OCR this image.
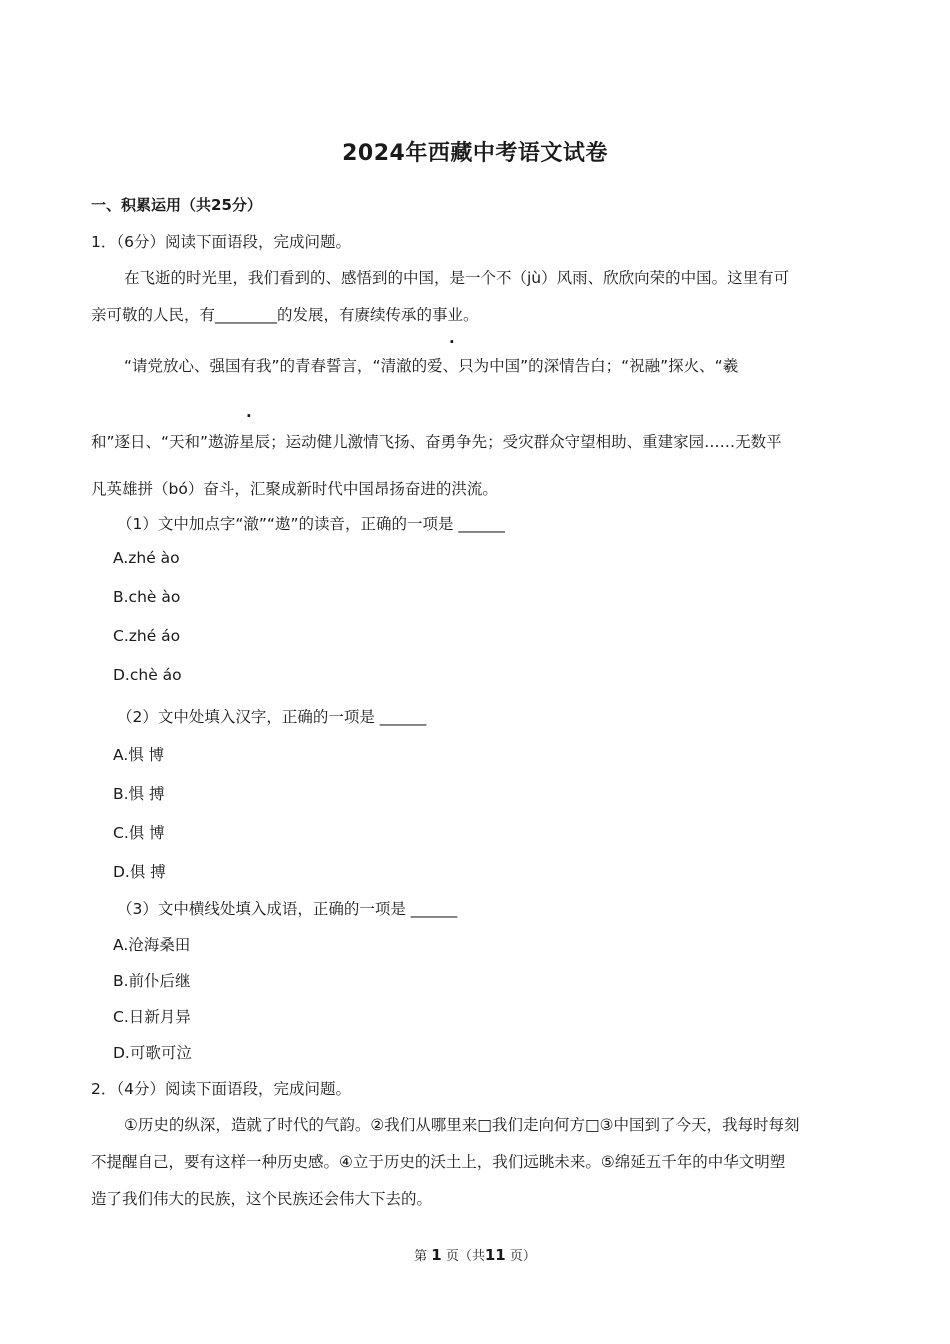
2024年西藏中考语文试卷
一、积累运用（共25分）
1．（6分）阅读下面语段，完成问题。
在飞逝的时光里，我们看到的、感悟到的中国，是一个不（jù）风雨、欣欣向荣的中国。这里有可
亲可敬的人民，有________的发展，有赓续传承的事业。
·
“请党放心、强国有我”的青春誓言，“清澈的爱、只为中国”的深情告白；“祝融”探火、“羲
·
和”逐日、“天和”遨游星辰；运动健儿激情飞扬、奋勇争先；受灾群众守望相助、重建家园……无数平
凡英雄拼（bó）奋斗，汇聚成新时代中国昂扬奋进的洪流。
（1）文中加点字“澈”“遨”的读音，正确的一项是 ______
A.zhé ào
B.chè ào
C.zhé áo
D.chè áo
（2）文中处填入汉字，正确的一项是 ______
A.惧 博
B.惧 搏
C.俱 博
D.俱 搏
（3）文中横线处填入成语，正确的一项是 ______
A.沧海桑田
B.前仆后继
C.日新月异
D.可歌可泣
2．（4分）阅读下面语段，完成问题。
①历史的纵深，造就了时代的气韵。②我们从哪里来□我们走向何方□③中国到了今天，我每时每刻
不提醒自己，要有这样一种历史感。④立于历史的沃土上，我们远眺未来。⑤绵延五千年的中华文明塑
造了我们伟大的民族，这个民族还会伟大下去的。
第 1 页（共11 页）
